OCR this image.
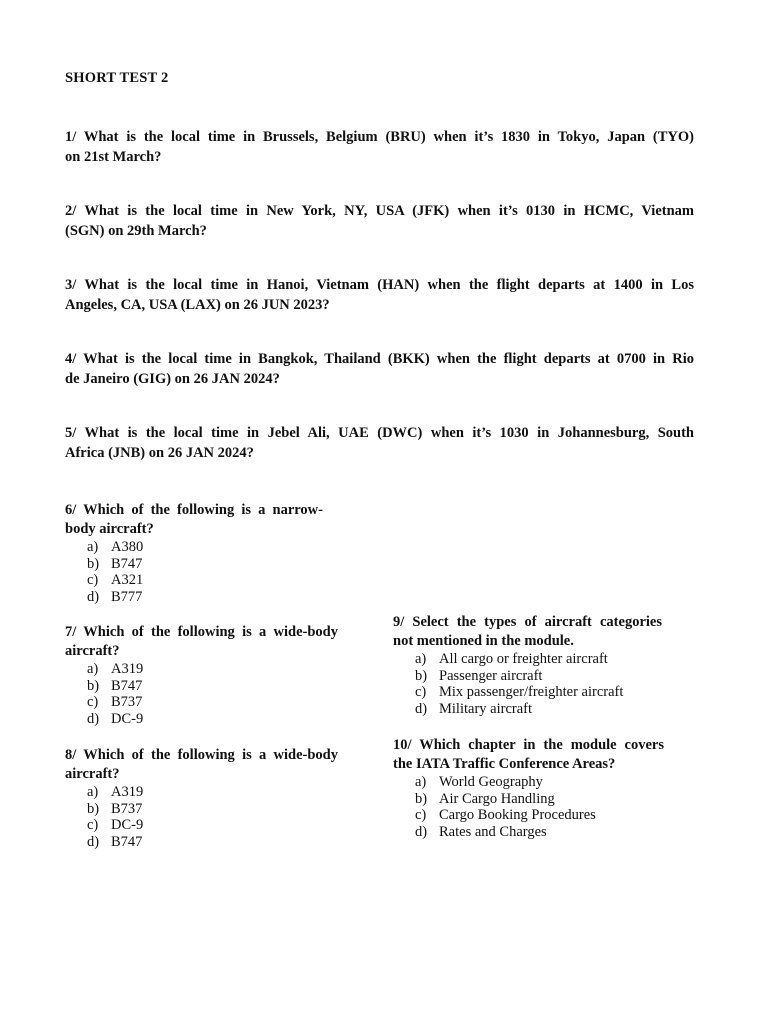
SHORT TEST 2
1/ What is the local time in Brussels, Belgium (BRU) when it’s 1830 in Tokyo, Japan (TYO)
on 21st March?
2/ What is the local time in New York, NY, USA (JFK) when it’s 0130 in HCMC, Vietnam
(SGN) on 29th March?
3/ What is the local time in Hanoi, Vietnam (HAN) when the flight departs at 1400 in Los
Angeles, CA, USA (LAX) on 26 JUN 2023?
4/ What is the local time in Bangkok, Thailand (BKK) when the flight departs at 0700 in Rio
de Janeiro (GIG) on 26 JAN 2024?
5/ What is the local time in Jebel Ali, UAE (DWC) when it’s 1030 in Johannesburg, South
Africa (JNB) on 26 JAN 2024?
6/ Which of the following is a narrow-
body aircraft?
a) A380
b) B747
c) A321
d) B777
7/ Which of the following is a wide-body
aircraft?
a) A319
b) B747
c) B737
d) DC-9
8/ Which of the following is a wide-body
aircraft?
a) A319
b) B737
c) DC-9
d) B747
9/ Select the types of aircraft categories
not mentioned in the module.
a) All cargo or freighter aircraft
b) Passenger aircraft
c) Mix passenger/freighter aircraft
d) Military aircraft
10/ Which chapter in the module covers
the IATA Traffic Conference Areas?
a) World Geography
b) Air Cargo Handling
c) Cargo Booking Procedures
d) Rates and Charges
